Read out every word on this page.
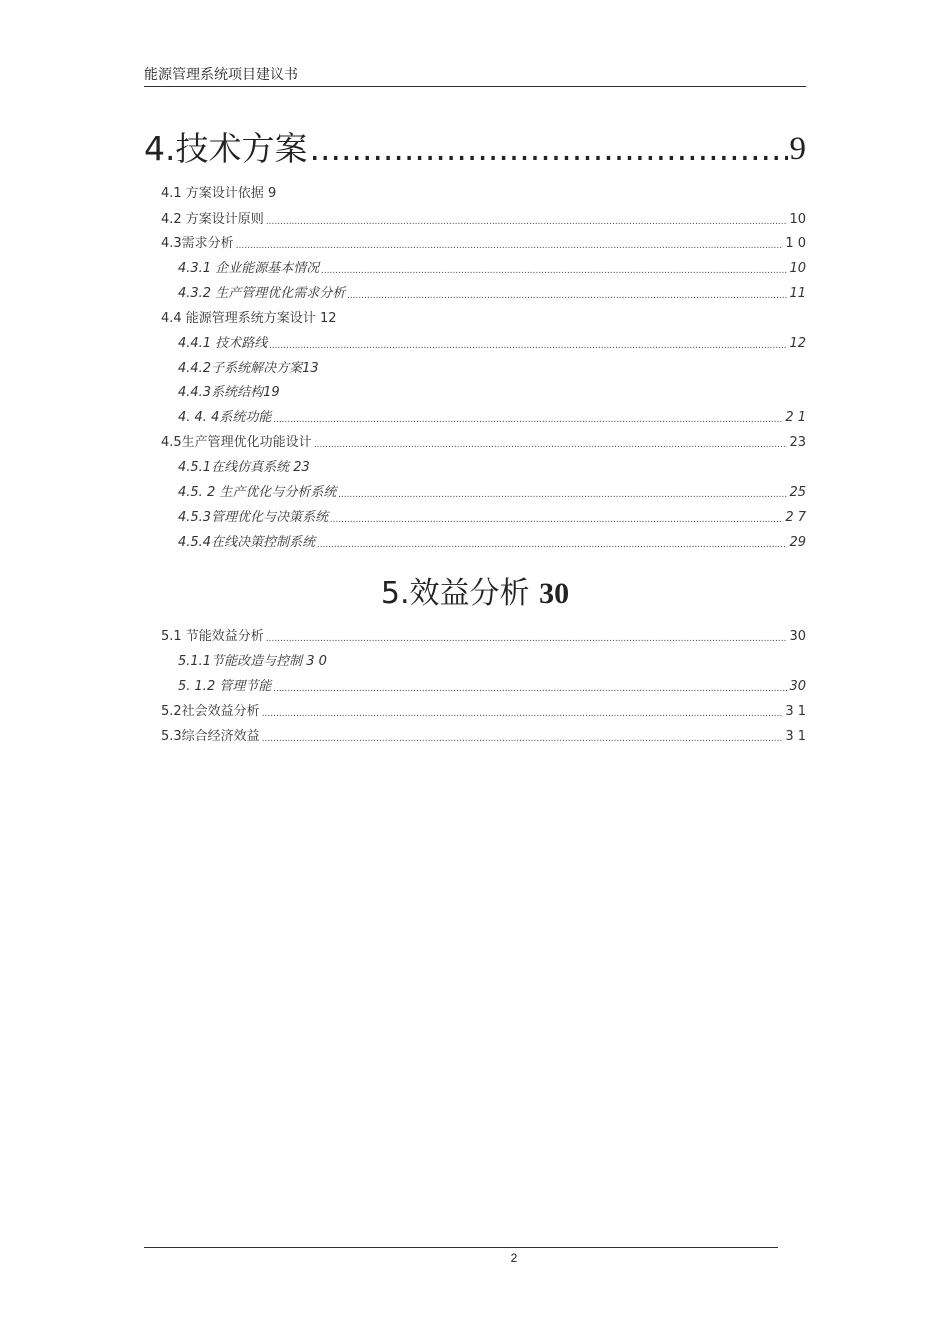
能源管理系统项目建议书
4.技术方案 .....	9
4.1 方案设计依据 9
4.2 方案设计原则 .....	10
4.3需求分析 .....	1 0
4.3.1 企业能源基本情况 .....	10
4.3.2 生产管理优化需求分析 .....	11
4.4 能源管理系统方案设计 12
4.4.1 技术路线 .....	12
4.4.2子系统解决方案13
4.4.3系统结构19
4. 4. 4系统功能 .....	2 1
4.5生产管理优化功能设计 .....	23
4.5.1在线仿真系统 23
4.5. 2 生产优化与分析系统 .....	25
4.5.3管理优化与决策系统 .....	2 7
4.5.4在线决策控制系统 .....	29
5.效益分析 30
5.1 节能效益分析 .....	30
5.1.1节能改造与控制 3 0
5. 1.2 管理节能 .....	30
5.2社会效益分析 .....	3 1
5.3综合经济效益 .....	3 1
2
